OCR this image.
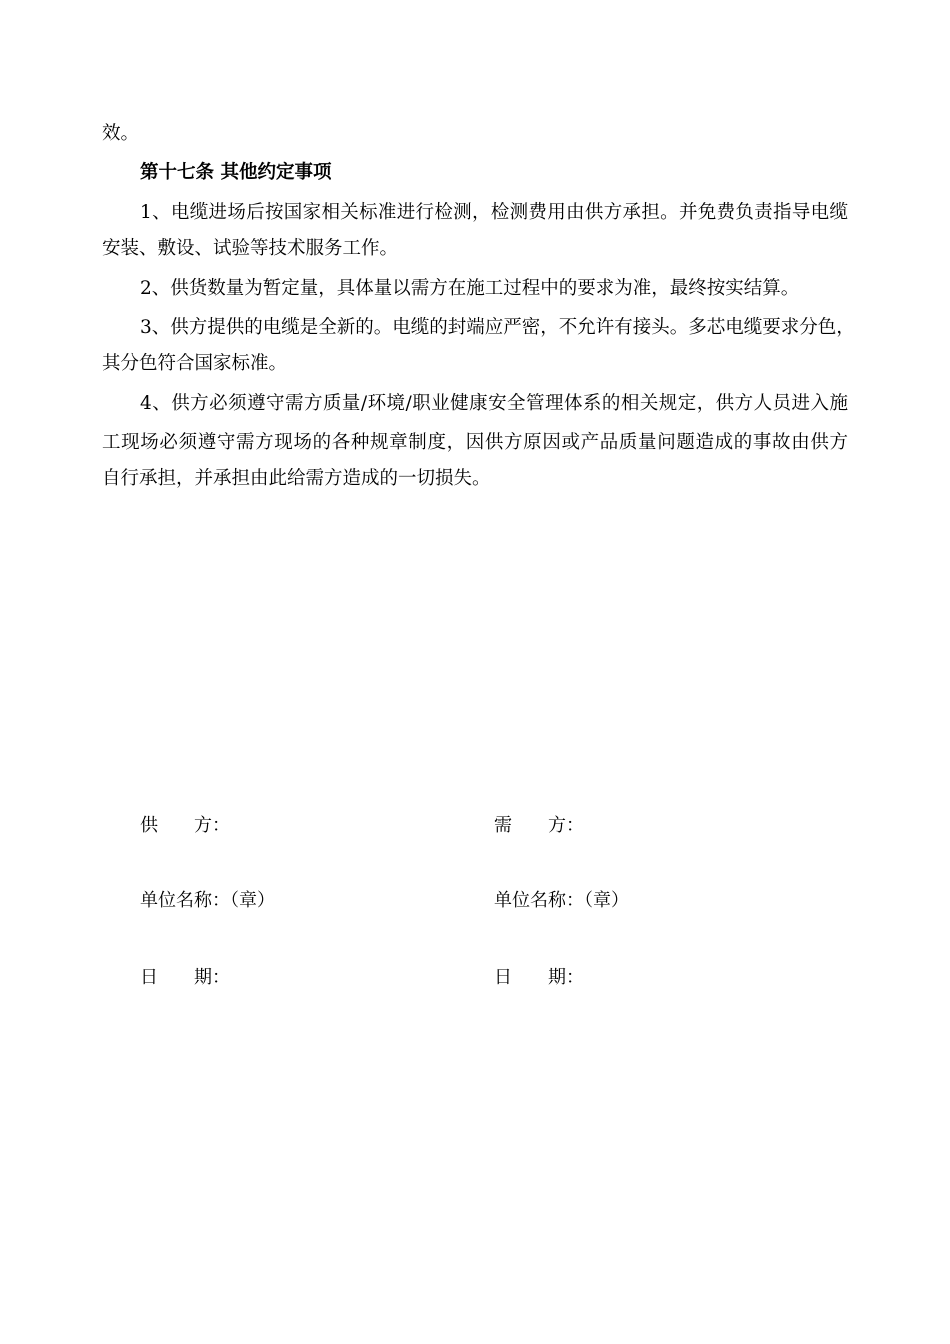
效。
第十七条 其他约定事项
1、电缆进场后按国家相关标准进行检测，检测费用由供方承担。并免费负责指导电缆
安装、敷设、试验等技术服务工作。
2、供货数量为暂定量，具体量以需方在施工过程中的要求为准，最终按实结算。
3、供方提供的电缆是全新的。电缆的封端应严密，不允许有接头。多芯电缆要求分色，
其分色符合国家标准。
4、供方必须遵守需方质量/环境/职业健康安全管理体系的相关规定，供方人员进入施
工现场必须遵守需方现场的各种规章制度，因供方原因或产品质量问题造成的事故由供方
自行承担，并承担由此给需方造成的一切损失。
供　　方：	需　　方：
单位名称：（章）	单位名称：（章）
日　　期：	日　　期：
